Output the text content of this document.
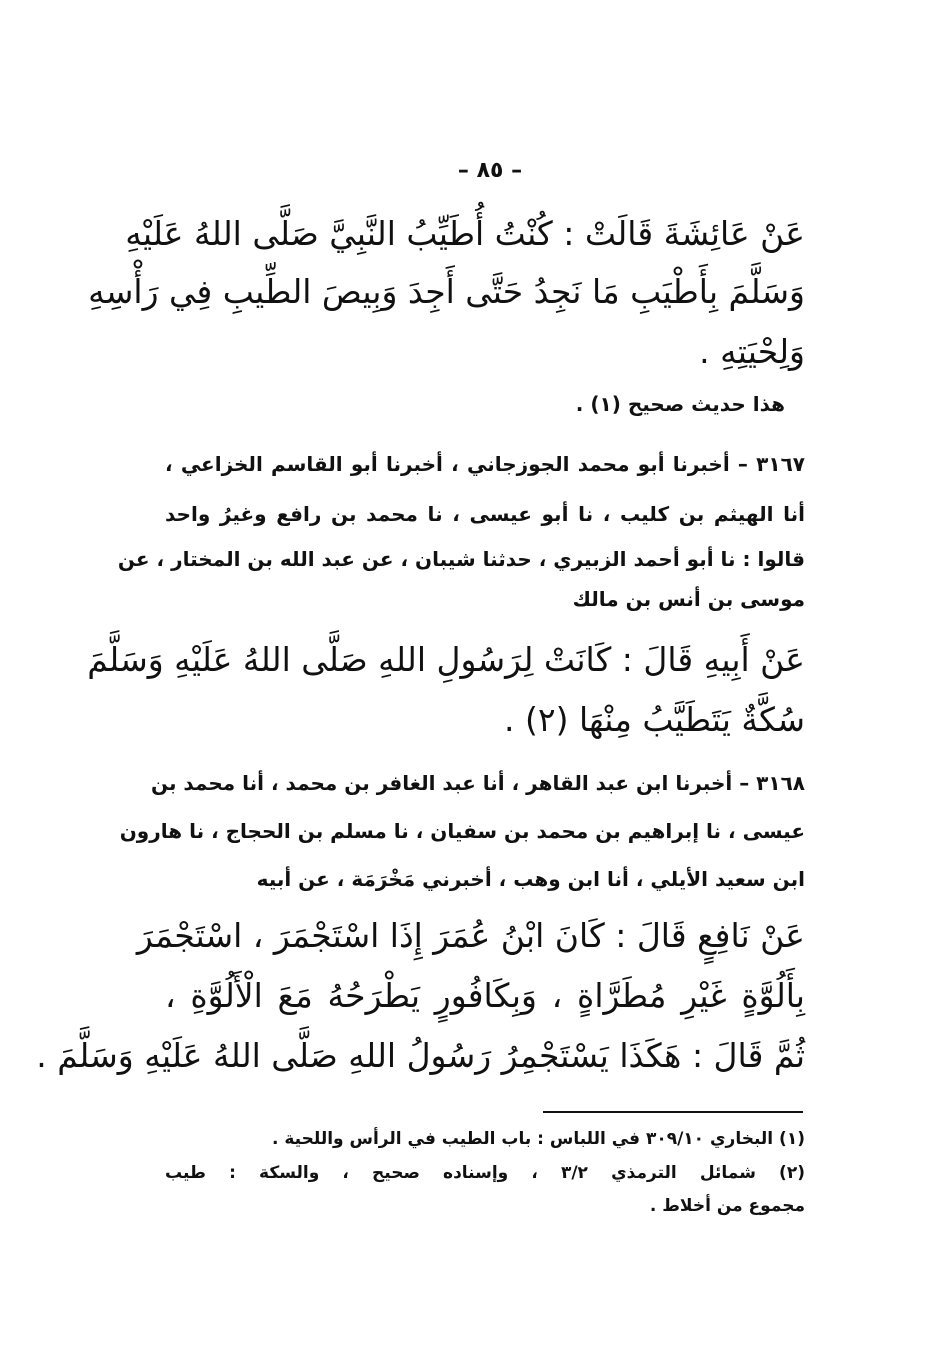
– ٨٥ –
عَنْ عَائِشَةَ قَالَتْ : كُنْتُ أُطَيِّبُ النَّبِيَّ صَلَّى اللهُ عَلَيْهِ
وَسَلَّمَ بِأَطْيَبِ مَا نَجِدُ حَتَّى أَجِدَ وَبِيصَ الطِّيبِ فِي رَأْسِهِ
وَلِحْيَتِهِ .
هذا حديث صحيح (١) .
٣١٦٧ – أخبرنا أبو محمد الجوزجاني ، أخبرنا أبو القاسم الخزاعي ،
أنا الهيثم بن كليب ، نا أبو عيسى ، نا محمد بن رافع وغيرُ واحد
قالوا : نا أبو أحمد الزبيري ، حدثنا شيبان ، عن عبد الله بن المختار ، عن
موسى بن أنس بن مالك
عَنْ أَبِيهِ قَالَ : كَانَتْ لِرَسُولِ اللهِ صَلَّى اللهُ عَلَيْهِ وَسَلَّمَ
سُكَّةٌ يَتَطَيَّبُ مِنْهَا (٢) .
٣١٦٨ – أخبرنا ابن عبد القاهر ، أنا عبد الغافر بن محمد ، أنا محمد بن
عيسى ، نا إبراهيم بن محمد بن سفيان ، نا مسلم بن الحجاج ، نا هارون
ابن سعيد الأيلي ، أنا ابن وهب ، أخبرني مَخْرَمَة ، عن أبيه
عَنْ نَافِعٍ قَالَ : كَانَ ابْنُ عُمَرَ إِذَا اسْتَجْمَرَ ، اسْتَجْمَرَ
بِأَلُوَّةٍ غَيْرِ مُطَرَّاةٍ ، وَبِكَافُورٍ يَطْرَحُهُ مَعَ الْأَلُوَّةِ ،
ثُمَّ قَالَ : هَكَذَا يَسْتَجْمِرُ رَسُولُ اللهِ صَلَّى اللهُ عَلَيْهِ وَسَلَّمَ .
(١) البخاري ٣٠٩/١٠ في اللباس : باب الطيب في الرأس واللحية .
(٢) شمائل الترمذي ٣/٢ ، وإسناده صحيح ، والسكة : طيب
مجموع من أخلاط .
